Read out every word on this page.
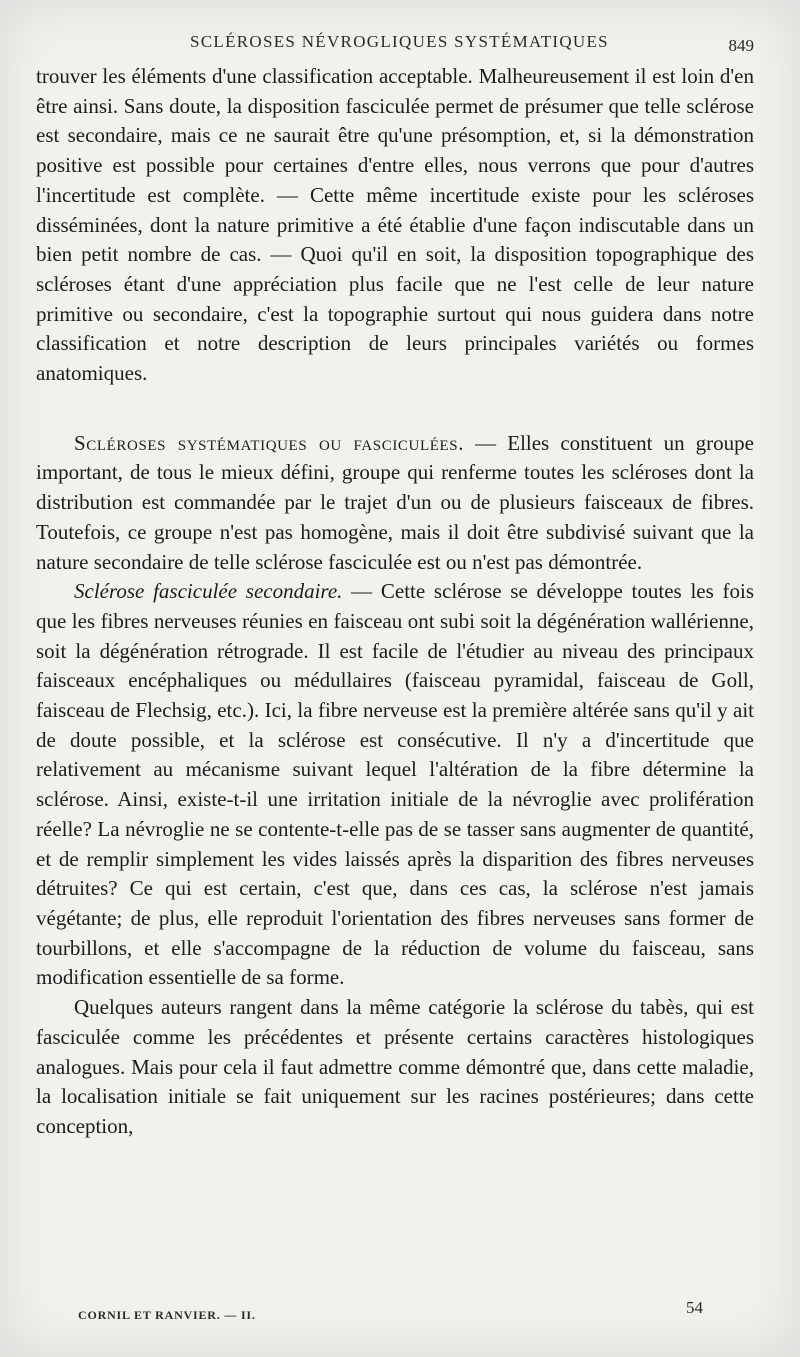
SCLÉROSES NÉVROGLIQUES SYSTÉMATIQUES	849

trouver les éléments d'une classification acceptable. Malheureusement il est loin d'en être ainsi. Sans doute, la disposition fasciculée permet de présumer que telle sclérose est secondaire, mais ce ne saurait être qu'une présomption, et, si la démonstration positive est possible pour certaines d'entre elles, nous verrons que pour d'autres l'incertitude est complète. — Cette même incertitude existe pour les scléroses disséminées, dont la nature primitive a été établie d'une façon indiscutable dans un bien petit nombre de cas. — Quoi qu'il en soit, la disposition topographique des scléroses étant d'une appréciation plus facile que ne l'est celle de leur nature primitive ou secondaire, c'est la topographie surtout qui nous guidera dans notre classification et notre description de leurs principales variétés ou formes anatomiques.

Scléroses systématiques ou fasciculées. — Elles constituent un groupe important, de tous le mieux défini, groupe qui renferme toutes les scléroses dont la distribution est commandée par le trajet d'un ou de plusieurs faisceaux de fibres. Toutefois, ce groupe n'est pas homogène, mais il doit être subdivisé suivant que la nature secondaire de telle sclérose fasciculée est ou n'est pas démontrée.

Sclérose fasciculée secondaire. — Cette sclérose se développe toutes les fois que les fibres nerveuses réunies en faisceau ont subi soit la dégénération wallérienne, soit la dégénération rétrograde. Il est facile de l'étudier au niveau des principaux faisceaux encéphaliques ou médullaires (faisceau pyramidal, faisceau de Goll, faisceau de Flechsig, etc.). Ici, la fibre nerveuse est la première altérée sans qu'il y ait de doute possible, et la sclérose est consécutive. Il n'y a d'incertitude que relativement au mécanisme suivant lequel l'altération de la fibre détermine la sclérose. Ainsi, existe-t-il une irritation initiale de la névroglie avec prolifération réelle? La névroglie ne se contente-t-elle pas de se tasser sans augmenter de quantité, et de remplir simplement les vides laissés après la disparition des fibres nerveuses détruites? Ce qui est certain, c'est que, dans ces cas, la sclérose n'est jamais végétante; de plus, elle reproduit l'orientation des fibres nerveuses sans former de tourbillons, et elle s'accompagne de la réduction de volume du faisceau, sans modification essentielle de sa forme.

Quelques auteurs rangent dans la même catégorie la sclérose du tabès, qui est fasciculée comme les précédentes et présente certains caractères histologiques analogues. Mais pour cela il faut admettre comme démontré que, dans cette maladie, la localisation initiale se fait uniquement sur les racines postérieures; dans cette conception,

CORNIL ET RANVIER. — II.	54
